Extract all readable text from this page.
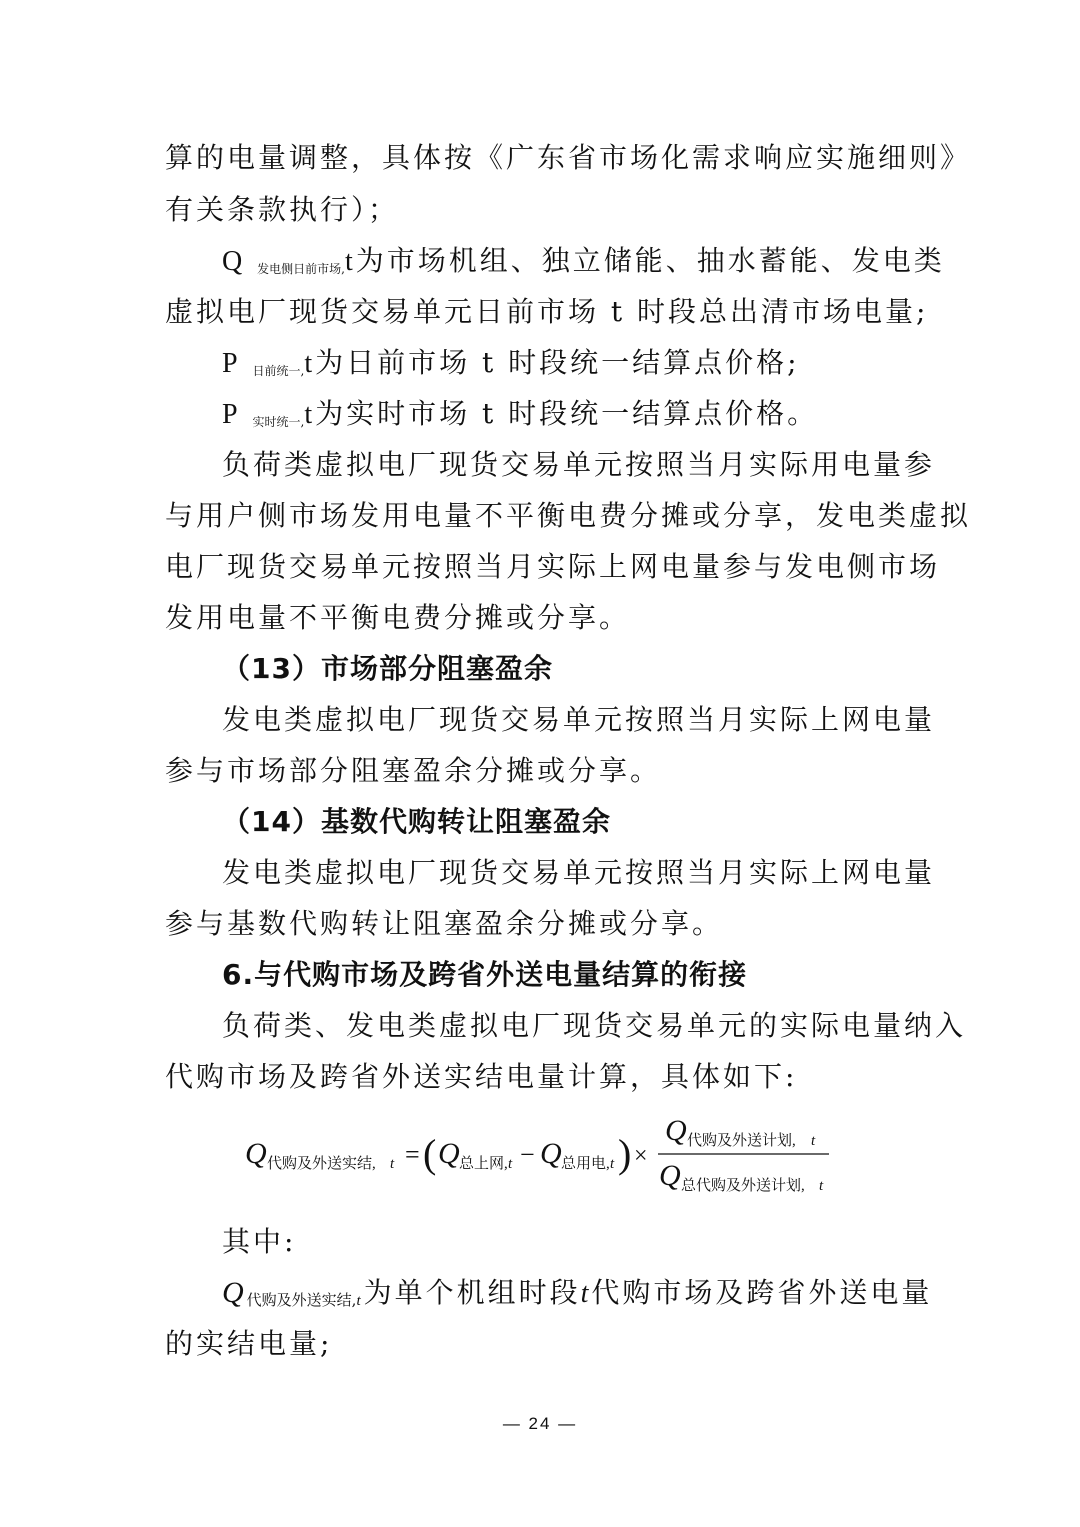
算的电量调整，具体按《广东省市场化需求响应实施细则》
有关条款执行）；
Q $_{发电侧日前市场,}$t为市场机组、独立储能、抽水蓄能、发电类
虚拟电厂现货交易单元日前市场 t 时段总出清市场电量;
P $_{日前统一,}$t为日前市场 t 时段统一结算点价格;
P $_{实时统一,}$t为实时市场 t 时段统一结算点价格。
负荷类虚拟电厂现货交易单元按照当月实际用电量参
与用户侧市场发用电量不平衡电费分摊或分享，发电类虚拟
电厂现货交易单元按照当月实际上网电量参与发电侧市场
发用电量不平衡电费分摊或分享。
（13）市场部分阻塞盈余
发电类虚拟电厂现货交易单元按照当月实际上网电量
参与市场部分阻塞盈余分摊或分享。
（14）基数代购转让阻塞盈余
发电类虚拟电厂现货交易单元按照当月实际上网电量
参与基数代购转让阻塞盈余分摊或分享。
6.与代购市场及跨省外送电量结算的衔接
负荷类、发电类虚拟电厂现货交易单元的实际电量纳入
代购市场及跨省外送实结电量计算，具体如下:
Q 代购及外送实结, t = ( Q 总上网, t − Q 总用电, t ) ×
Q 代购及外送计划, t
Q 总代购及外送计划, t
其中:
$Q_{代购及外送实结,}t$为单个机组时段t代购市场及跨省外送电量
的实结电量;
— 24 —
